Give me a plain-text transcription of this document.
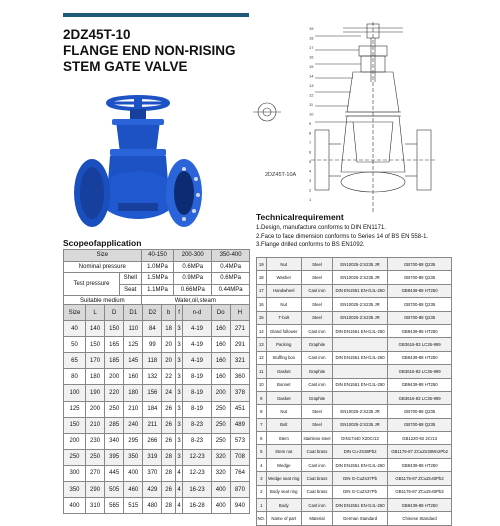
2DZ45T-10
FLANGE END NON-RISING
STEM GATE VALVE
19
18
17
16
15
14
13
12
11
10
9
8
7
6
5
4
3
2
1
2DZ45T-10A
Technicalrequirement
1.Design, manufacture conforms to DIN EN1171.
2.Face to face dimension conforms to Series 14 of BS EN 558-1.
3.Flange drilled conforms to BS EN1092.
Scopeofapplication
Size		40-150	200-300	350-400
Nominal pressure		1.0MPa	0.6MPa	0.4MPa
Test pressure	Shell	1.5MPa	0.9MPa	0.6MPa
	Seat	1.1MPa	0.66MPa	0.44MPa
Suitable medium		Water,oil,steam		
Size	L	D	D1	D2	b	f	n-d	Do	H
40	140	150	110	84	18	3	4-19	160	271
50	150	165	125	99	20	3	4-19	160	291
65	170	185	145	118	20	3	4-19	160	321
80	180	200	160	132	22	3	8-19	160	360
100	190	220	180	156	24	3	8-19	200	378
125	200	250	210	184	26	3	8-19	250	451
150	210	285	240	211	26	3	8-23	250	489
200	230	340	295	266	26	3	8-23	250	573
250	250	395	350	319	28	3	12-23	320	708
300	270	445	400	370	28	4	12-23	320	764
350	290	505	460	429	26	4	16-23	400	870
400	310	565	515	480	28	4	16-28	400	940
19	Nut	Steel	EN10025-2:S235 JR	GB700-88 Q235
18	Washer	Steel	EN10025-2:S235 JR	GB700-88 Q235
17	Handwheel	Cast iron	DIN EN1561 EN-GJL-250	GB9439-88 HT250
16	Nut	Steel	EN10025-2:S235 JR	GB700-88 Q235
15	T-bolt	Steel	EN10025-2:S235 JR	GB700-88 Q235
14	Gland follower	Cast iron	DIN EN1561 EN-GJL-250	GB9439-88 HT250
13	Packing	Graphite		GB3616-83 LC35-999
12	Stuffing box	Cast iron	DIN EN1561 EN-GJL-250	GB9439-88 HT250
11	Gasket	Graphite		GB3616-83 LC35-999
10	Bonnet	Cast iron	DIN EN1561 EN-GJL-250	GB9439-88 HT250
9	Gasket	Graphite		GB3616-83 LC35-999
8	Nut	Steel	EN10025-2:S235 JR	GB700-88 Q235
7	Bolt	Steel	EN10025-2:S235 JR	GB700-88 Q235
6	Stem	stainless steel	DIN17440 X20Cr13	GB1220-92 2Cr13
5	Stem nut	Coat brass	DIN Cu-Zn38Pb2	GB1176-87 ZCuZn38Mn2Pb2
4	Wedge	Cast iron	DIN EN1561 EN-GJL-250	GB9439-88 HT250
3	Wedge seat ring	Coat brass	DIN G-CuZn37Pb	GB1176-87 ZCuZn40Pb2
2	Body seat ring	Coat brass	DIN G-CuZn37Pb	GB1176-87 ZCuZn40Pb2
1	Body	Cast iron	DIN EN1561 EN-GJL-250	GB9439-88 HT250
NO.	Name of part	Material	German Standard	Chinese Standard
